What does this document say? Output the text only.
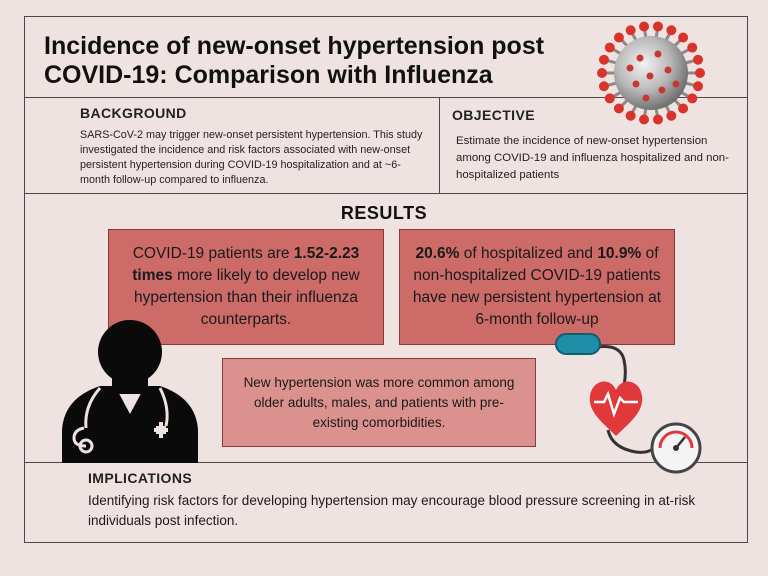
Incidence of new-onset hypertension post COVID-19: Comparison with Influenza
BACKGROUND
SARS-CoV-2 may trigger new-onset persistent hypertension. This study investigated the incidence and risk factors associated with new-onset persistent hypertension during COVID-19 hospitalization and at ~6-month follow-up compared to influenza.
OBJECTIVE
Estimate the incidence of new-onset hypertension among COVID-19 and influenza hospitalized and non-hospitalized patients
RESULTS
COVID-19 patients are 1.52-2.23 times more likely to develop new hypertension than their influenza counterparts.
20.6% of hospitalized and 10.9% of non-hospitalized COVID-19 patients have new persistent hypertension at 6-month follow-up
New hypertension was more common among older adults, males, and patients with pre-existing comorbidities.
IMPLICATIONS
Identifying risk factors for developing hypertension may encourage blood pressure screening in at-risk individuals post infection.
